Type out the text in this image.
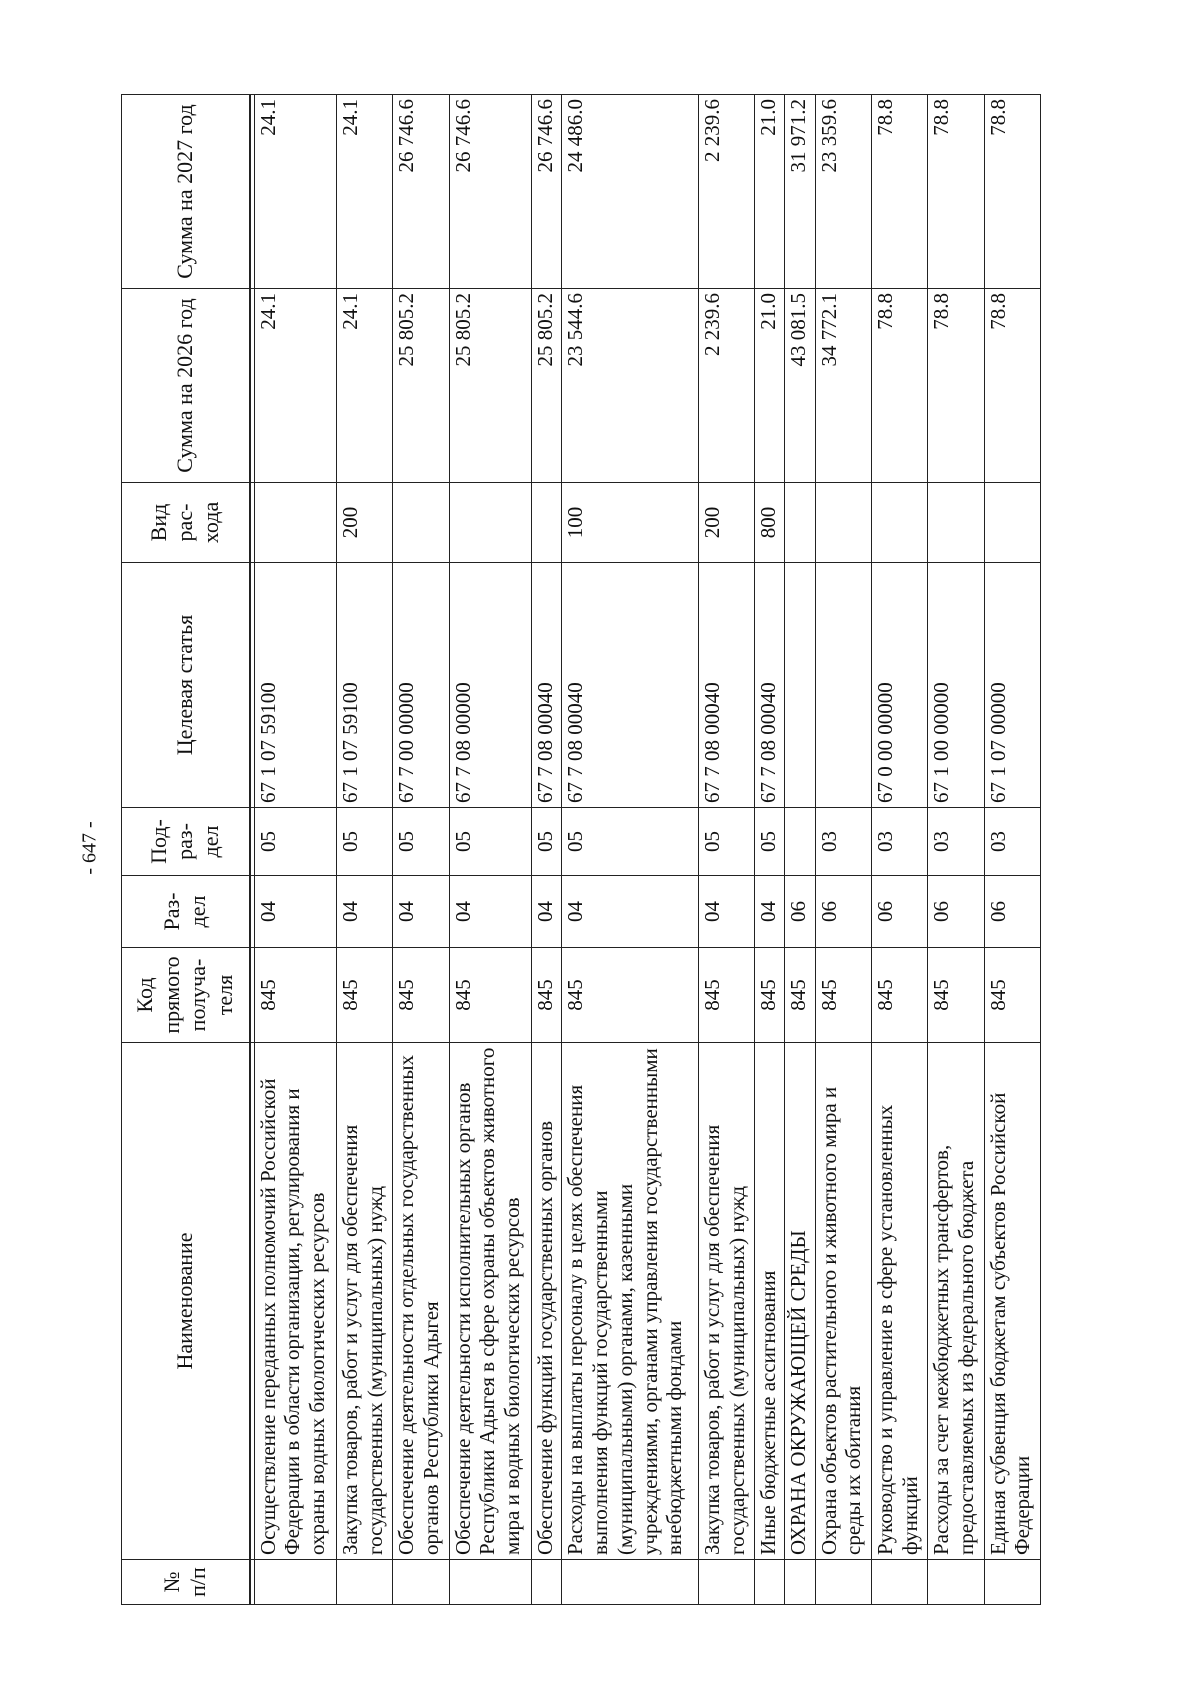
- 647 -
№ п/п	Наименование	Код прямого получа-теля	Раз-дел	Под-раз-дел	Целевая статья	Вид рас-хода	Сумма на 2026 год	Сумма на 2027 год

	Осуществление переданных полномочий Российской Федерации в области организации, регулирования и охраны водных биологических ресурсов	845	04	05	67 1 07 59100		24.1	24.1
	Закупка товаров, работ и услуг для обеспечения государственных (муниципальных) нужд	845	04	05	67 1 07 59100	200	24.1	24.1
	Обеспечение деятельности отдельных государственных органов Республики Адыгея	845	04	05	67 7 00 00000		25 805.2	26 746.6
	Обеспечение деятельности исполнительных органов Республики Адыгея в сфере охраны объектов животного мира и водных биологических ресурсов	845	04	05	67 7 08 00000		25 805.2	26 746.6
	Обеспечение функций государственных органов	845	04	05	67 7 08 00040		25 805.2	26 746.6
	Расходы на выплаты персоналу в целях обеспечения выполнения функций государственными (муниципальными) органами, казенными учреждениями, органами управления государственными внебюджетными фондами	845	04	05	67 7 08 00040	100	23 544.6	24 486.0
	Закупка товаров, работ и услуг для обеспечения государственных (муниципальных) нужд	845	04	05	67 7 08 00040	200	2 239.6	2 239.6
	Иные бюджетные ассигнования	845	04	05	67 7 08 00040	800	21.0	21.0
	ОХРАНА ОКРУЖАЮЩЕЙ СРЕДЫ	845	06				43 081.5	31 971.2
	Охрана объектов растительного и животного мира и среды их обитания	845	06	03			34 772.1	23 359.6
	Руководство и управление в сфере установленных функций	845	06	03	67 0 00 00000		78.8	78.8
	Расходы за счет межбюджетных трансфертов, предоставляемых из федерального бюджета	845	06	03	67 1 00 00000		78.8	78.8
	Единая субвенция бюджетам субъектов Российской Федерации	845	06	03	67 1 07 00000		78.8	78.8
